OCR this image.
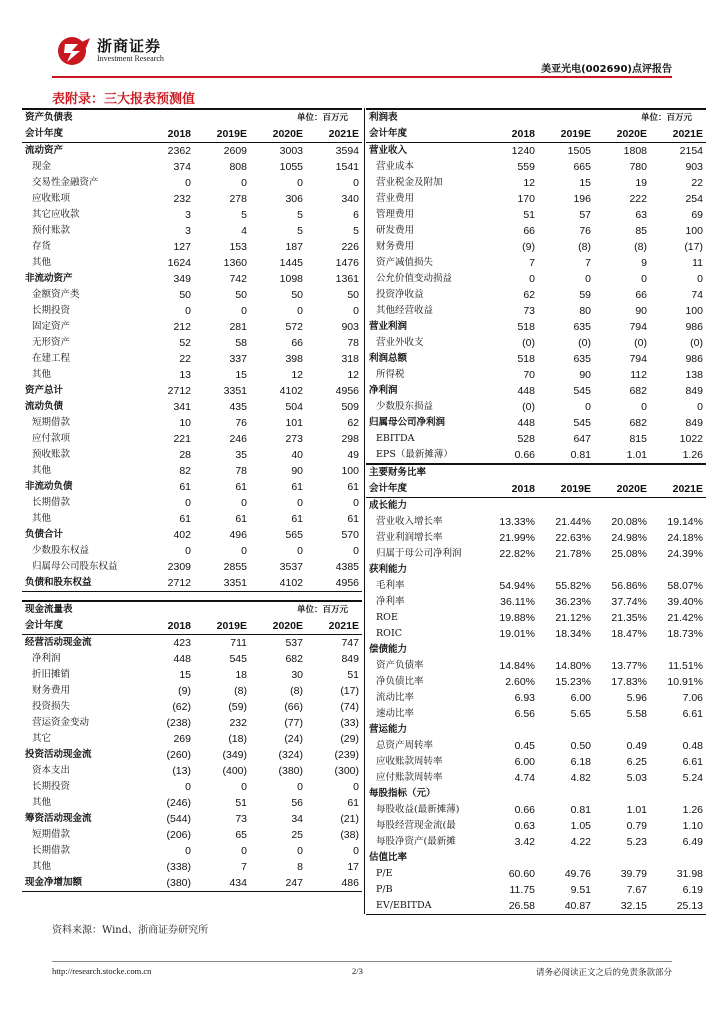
浙商证券
Investment Research
美亚光电(002690)点评报告
表附录：三大报表预测值
资产负债表		单位：百万元		
会计年度	2018	2019E	2020E	2021E
流动资产	2362	2609	3003	3594
现金	374	808	1055	1541
交易性金融资产	0	0	0	0
应收账项	232	278	306	340
其它应收款	3	5	5	6
预付账款	3	4	5	5
存货	127	153	187	226
其他	1624	1360	1445	1476
非流动资产	349	742	1098	1361
金额资产类	50	50	50	50
长期投资	0	0	0	0
固定资产	212	281	572	903
无形资产	52	58	66	78
在建工程	22	337	398	318
其他	13	15	12	12
资产总计	2712	3351	4102	4956
流动负债	341	435	504	509
短期借款	10	76	101	62
应付款项	221	246	273	298
预收账款	28	35	40	49
其他	82	78	90	100
非流动负债	61	61	61	61
长期借款	0	0	0	0
其他	61	61	61	61
负债合计	402	496	565	570
少数股东权益	0	0	0	0
归属母公司股东权益	2309	2855	3537	4385
负债和股东权益	2712	3351	4102	4956
现金流量表		单位：百万元		
会计年度	2018	2019E	2020E	2021E
经营活动现金流	423	711	537	747
净利润	448	545	682	849
折旧摊销	15	18	30	51
财务费用	(9)	(8)	(8)	(17)
投资损失	(62)	(59)	(66)	(74)
营运资金变动	(238)	232	(77)	(33)
其它	269	(18)	(24)	(29)
投资活动现金流	(260)	(349)	(324)	(239)
资本支出	(13)	(400)	(380)	(300)
长期投资	0	0	0	0
其他	(246)	51	56	61
筹资活动现金流	(544)	73	34	(21)
短期借款	(206)	65	25	(38)
长期借款	0	0	0	0
其他	(338)	7	8	17
现金净增加额	(380)	434	247	486
利润表		单位：百万元		
会计年度	2018	2019E	2020E	2021E
营业收入	1240	1505	1808	2154
营业成本	559	665	780	903
营业税金及附加	12	15	19	22
营业费用	170	196	222	254
管理费用	51	57	63	69
研发费用	66	76	85	100
财务费用	(9)	(8)	(8)	(17)
资产减值损失	7	7	9	11
公允价值变动损益	0	0	0	0
投资净收益	62	59	66	74
其他经营收益	73	80	90	100
营业利润	518	635	794	986
营业外收支	(0)	(0)	(0)	(0)
利润总额	518	635	794	986
所得税	70	90	112	138
净利润	448	545	682	849
少数股东损益	(0)	0	0	0
归属母公司净利润	448	545	682	849
EBITDA	528	647	815	1022
EPS（最新摊薄）	0.66	0.81	1.01	1.26
主要财务比率				
会计年度	2018	2019E	2020E	2021E
成长能力				
营业收入增长率	13.33%	21.44%	20.08%	19.14%
营业利润增长率	21.99%	22.63%	24.98%	24.18%
归属于母公司净利润	22.82%	21.78%	25.08%	24.39%
获利能力				
毛利率	54.94%	55.82%	56.86%	58.07%
净利率	36.11%	36.23%	37.74%	39.40%
ROE	19.88%	21.12%	21.35%	21.42%
ROIC	19.01%	18.34%	18.47%	18.73%
偿债能力				
资产负债率	14.84%	14.80%	13.77%	11.51%
净负债比率	2.60%	15.23%	17.83%	10.91%
流动比率	6.93	6.00	5.96	7.06
速动比率	6.56	5.65	5.58	6.61
营运能力				
总资产周转率	0.45	0.50	0.49	0.48
应收账款周转率	6.00	6.18	6.25	6.61
应付账款周转率	4.74	4.82	5.03	5.24
每股指标（元）				
每股收益(最新摊薄)	0.66	0.81	1.01	1.26
每股经营现金流(最	0.63	1.05	0.79	1.10
每股净资产(最新摊	3.42	4.22	5.23	6.49
估值比率				
P/E	60.60	49.76	39.79	31.98
P/B	11.75	9.51	7.67	6.19
EV/EBITDA	26.58	40.87	32.15	25.13
资料来源：Wind、浙商证券研究所
http://research.stocke.com.cn	2/3	请务必阅读正文之后的免责条款部分
